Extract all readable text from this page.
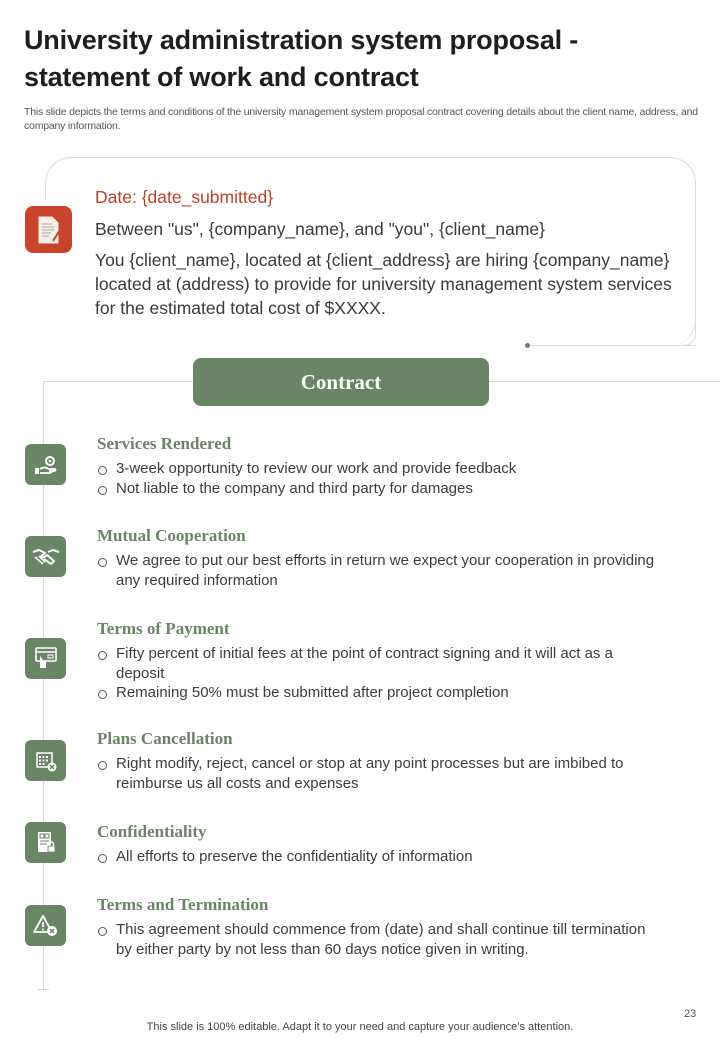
University administration system proposal - statement of work and contract
This slide depicts the terms and conditions of the university management system proposal contract covering details about the client name, address, and company information.
Date: {date_submitted}
Between "us", {company_name}, and "you", {client_name}
You {client_name}, located at {client_address} are hiring {company_name} located at (address) to provide for university management system services for the estimated total cost of $XXXX.
Contract
Services Rendered
3-week opportunity to review our work and provide feedback
Not liable to the company and third party for damages
Mutual Cooperation
We agree to put our best efforts in return we expect your cooperation in providing any required information
Terms of Payment
Fifty percent of initial fees at the point of contract signing and it will act as a deposit
Remaining 50% must be submitted after project completion
Plans Cancellation
Right modify, reject, cancel or stop at any point processes but are imbibed to reimburse us all costs and expenses
Confidentiality
All efforts to preserve the confidentiality of information
Terms and Termination
This agreement should commence from (date) and shall continue till termination by either party by not less than 60 days notice given in writing.
23
This slide is 100% editable. Adapt it to your need and capture your audience’s attention.
